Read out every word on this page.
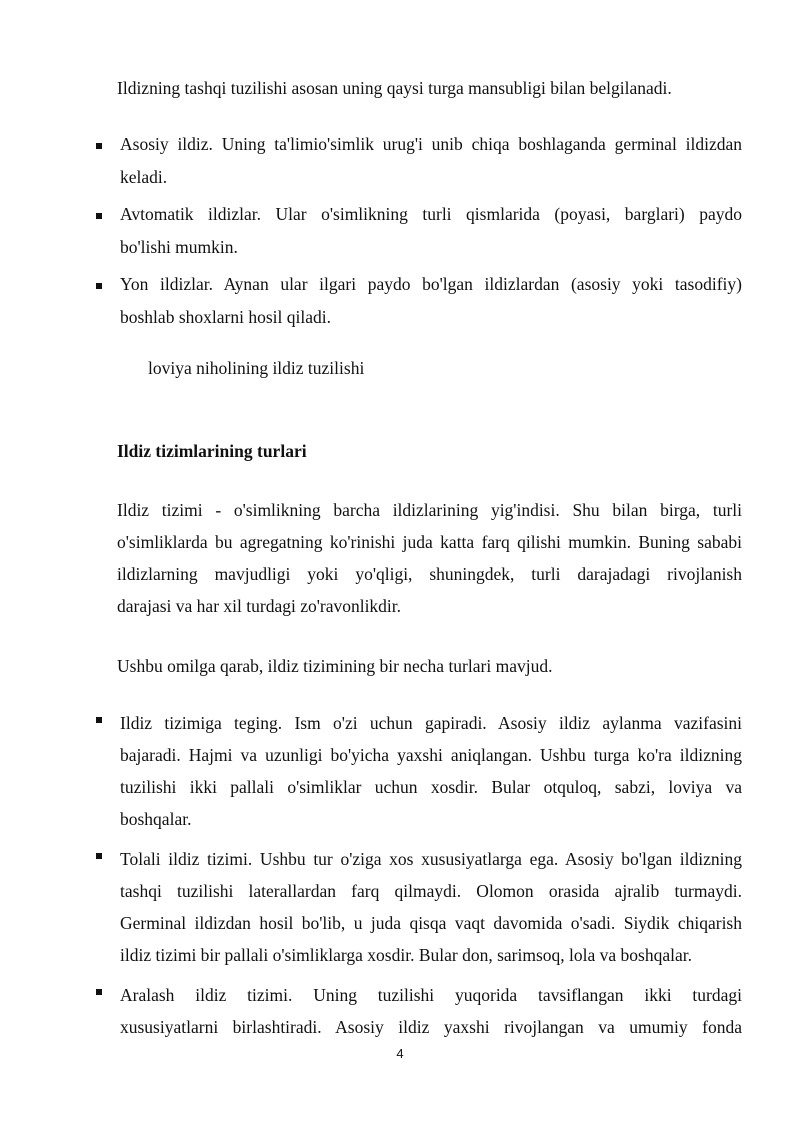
Ildizning tashqi tuzilishi asosan uning qaysi turga mansubligi bilan belgilanadi.

Asosiy ildiz. Uning ta'limio'simlik urug'i unib chiqa boshlaganda germinal ildizdan

keladi.

Avtomatik ildizlar. Ular o'simlikning turli qismlarida (poyasi, barglari) paydo

bo'lishi mumkin.

Yon ildizlar. Aynan ular ilgari paydo bo'lgan ildizlardan (asosiy yoki tasodifiy)

boshlab shoxlarni hosil qiladi.

loviya niholining ildiz tuzilishi

Ildiz tizimlarining turlari

Ildiz tizimi - o'simlikning barcha ildizlarining yig'indisi. Shu bilan birga, turli

o'simliklarda bu agregatning ko'rinishi juda katta farq qilishi mumkin. Buning sababi

ildizlarning mavjudligi yoki yo'qligi, shuningdek, turli darajadagi rivojlanish

darajasi va har xil turdagi zo'ravonlikdir.

Ushbu omilga qarab, ildiz tizimining bir necha turlari mavjud.

Ildiz tizimiga teging. Ism o'zi uchun gapiradi. Asosiy ildiz aylanma vazifasini

bajaradi. Hajmi va uzunligi bo'yicha yaxshi aniqlangan. Ushbu turga ko'ra ildizning

tuzilishi ikki pallali o'simliklar uchun xosdir. Bular otquloq, sabzi, loviya va

boshqalar.

Tolali ildiz tizimi. Ushbu tur o'ziga xos xususiyatlarga ega. Asosiy bo'lgan ildizning

tashqi tuzilishi laterallardan farq qilmaydi. Olomon orasida ajralib turmaydi.

Germinal ildizdan hosil bo'lib, u juda qisqa vaqt davomida o'sadi. Siydik chiqarish

ildiz tizimi bir pallali o'simliklarga xosdir. Bular don, sarimsoq, lola va boshqalar.

Aralash ildiz tizimi. Uning tuzilishi yuqorida tavsiflangan ikki turdagi

xususiyatlarni birlashtiradi. Asosiy ildiz yaxshi rivojlangan va umumiy fonda

4
